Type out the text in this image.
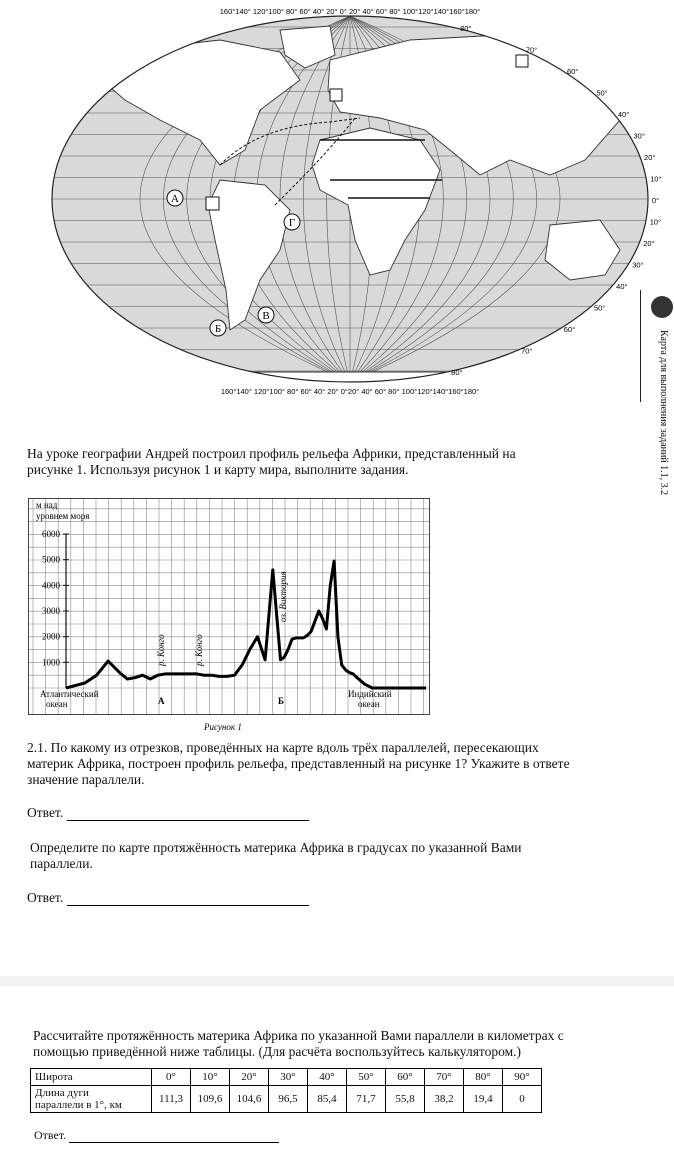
160°140° 120°100° 80° 60° 40° 20° 0° 20° 40° 60° 80° 100°120°140°160°180°
А
Б
В
Г
80°
70°
60°
50°
40°
30°
20°
10°
0°
10°
20°
30°
40°
50°
60°
70°
80°
160°140° 120°100° 80° 60° 40° 20° 0°20° 40° 60° 80° 100°120°140°160°180°	Карта для выполнения заданий 1.1, 3.2
На уроке географии Андрей построил профиль рельефа Африки, представленный на
рисунке 1. Используя рисунок 1 и карту мира, выполните задания.
м над
уровнем моря
6000
5000
4000
3000
2000
1000
Атлантический
океан
Индийский
океан
А	Б
р. Конго	р. Конго
оз. Виктория
Рисунок 1
2.1. По какому из отрезков, проведённых на карте вдоль трёх параллелей, пересекающих
материк Африка, построен профиль рельефа, представленный на рисунке 1? Укажите в ответе
значение параллели.
Ответ.
Определите по карте протяжённость материка Африка в градусах по указанной Вами
параллели.
Ответ.
Рассчитайте протяжённость материка Африка по указанной Вами параллели в километрах с
помощью приведённой ниже таблицы. (Для расчёта воспользуйтесь калькулятором.)
Широта	0°	10°	20°	30°	40°	50°	60°	70°	80°	90°

Длина дуги
параллели в 1°, км	111,3	109,6	104,6	96,5	85,4	71,7	55,8	38,2	19,4	0
Ответ.
